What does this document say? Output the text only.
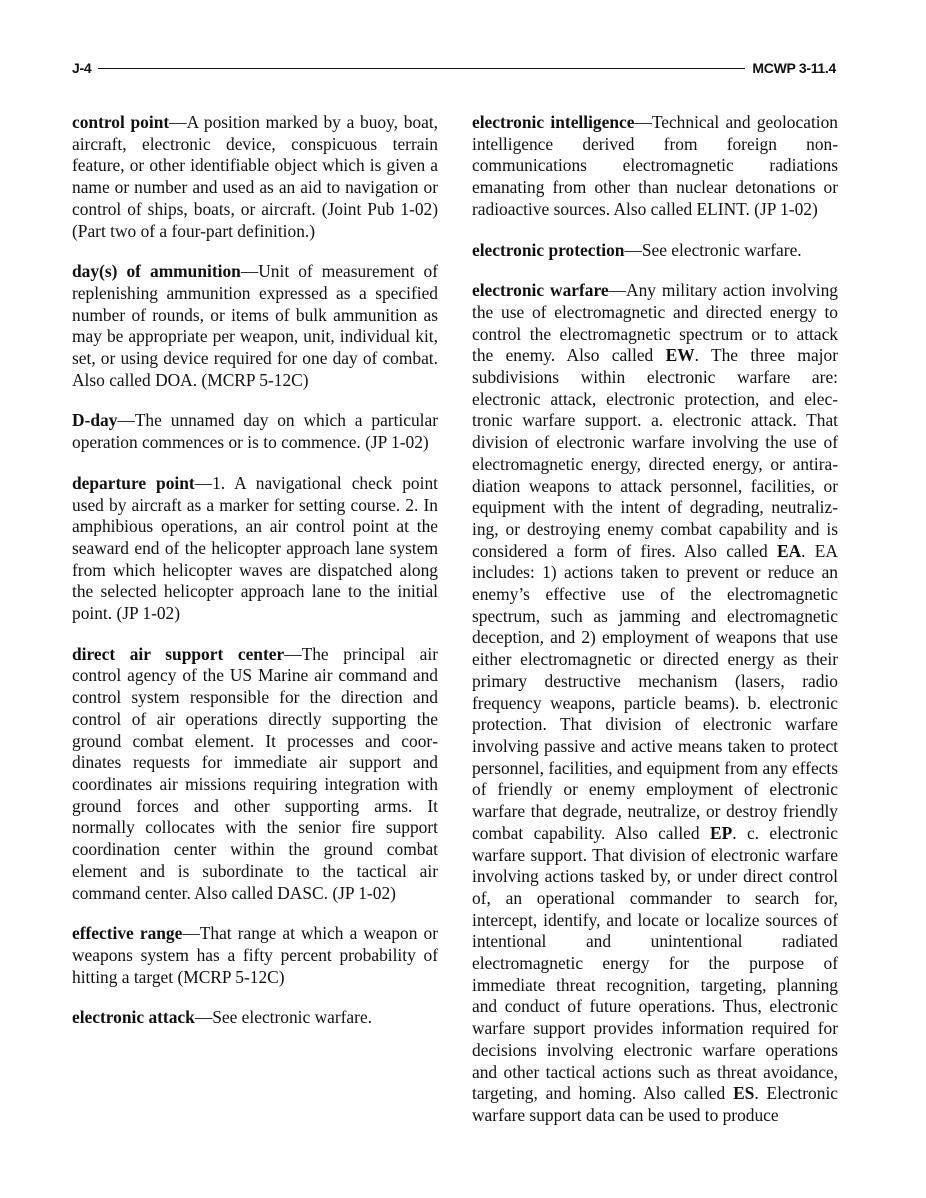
J-4	MCWP 3-11.4

control point—A position marked by a buoy, boat, aircraft, electronic device, conspicuous terrain feature, or other identifiable object which is given a name or number and used as an aid to navigation or control of ships, boats, or aircraft. (Joint Pub 1-02) (Part two of a four-part definition.)

day(s) of ammunition—Unit of measurement of replenishing ammunition expressed as a specified number of rounds, or items of bulk ammunition as may be appropriate per weapon, unit, individual kit, set, or using device required for one day of combat. Also called DOA. (MCRP 5-12C)

D-day—The unnamed day on which a particular operation commences or is to commence. (JP 1-02)

departure point—1. A navigational check point used by aircraft as a marker for setting course. 2. In amphibious operations, an air control point at the seaward end of the helicopter approach lane system from which helicopter waves are dispatched along the selected helicopter approach lane to the initial point. (JP 1-02)

direct air support center—The principal air control agency of the US Marine air command and control system responsible for the direction and control of air operations directly supporting the ground combat element. It processes and coordinates requests for immediate air support and coordinates air missions requiring integration with ground forces and other supporting arms. It normally collocates with the senior fire support coordination center within the ground combat element and is subordinate to the tactical air command center. Also called DASC. (JP 1-02)

effective range—That range at which a weapon or weapons system has a fifty percent probability of hitting a target (MCRP 5-12C)

electronic attack—See electronic warfare.

electronic intelligence—Technical and geolocation intelligence derived from foreign non-communications electromagnetic radiations emanating from other than nuclear detonations or radioactive sources. Also called ELINT. (JP 1-02)

electronic protection—See electronic warfare.

electronic warfare—Any military action involving the use of electromagnetic and directed energy to control the electromagnetic spectrum or to attack the enemy. Also called EW. The three major subdivisions within electronic warfare are: electronic attack, electronic protection, and electronic warfare support. a. electronic attack. That division of electronic warfare involving the use of electromagnetic energy, directed energy, or antiradiation weapons to attack personnel, facilities, or equipment with the intent of degrading, neutralizing, or destroying enemy combat capability and is considered a form of fires. Also called EA. EA includes: 1) actions taken to prevent or reduce an enemy’s effective use of the electromagnetic spectrum, such as jamming and electromagnetic deception, and 2) employment of weapons that use either electromagnetic or directed energy as their primary destructive mechanism (lasers, radio frequency weapons, particle beams). b. electronic protection. That division of electronic warfare involving passive and active means taken to protect personnel, facilities, and equipment from any effects of friendly or enemy employment of electronic warfare that degrade, neutralize, or destroy friendly combat capability. Also called EP. c. electronic warfare support. That division of electronic warfare involving actions tasked by, or under direct control of, an operational commander to search for, intercept, identify, and locate or localize sources of intentional and unintentional radiated electromagnetic energy for the purpose of immediate threat recognition, targeting, planning and conduct of future operations. Thus, electronic warfare support provides information required for decisions involving electronic warfare operations and other tactical actions such as threat avoidance, targeting, and homing. Also called ES. Electronic warfare support data can be used to produce
